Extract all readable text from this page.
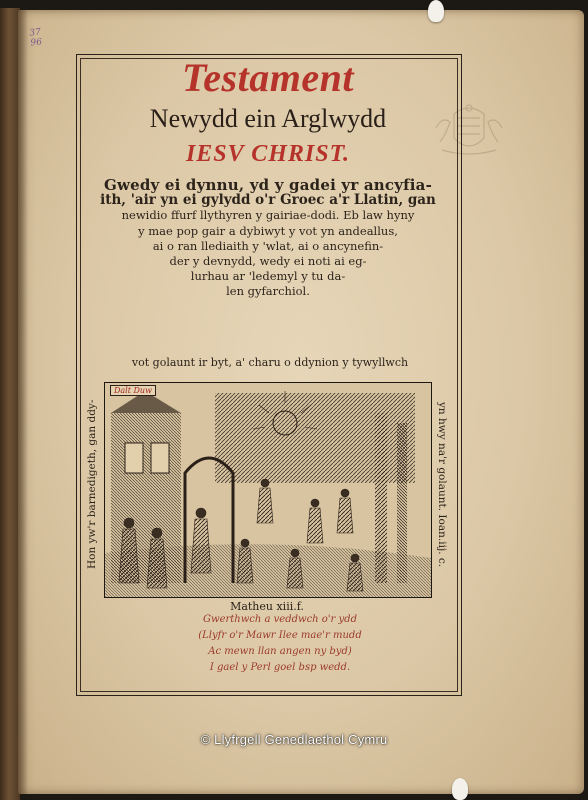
37
96
Testament
Newydd ein Arglwydd
IESV CHRIST.
Gwedy ei dynnu, yd y gadei yr ancyfia-
ith, 'air yn ei gylydd o'r Groec a'r Llatin, gan
newidio ffurf llythyren y gairiae-dodi. Eb law hyny
y mae pop gair a dybiwyt y vot yn andeallus,
ai o ran llediaith y 'wlat, ai o ancynefin-
der y devnydd, wedy ei noti ai eg-
lurhau ar 'ledemyl y tu da-
len gyfarchiol.
vot golaunt ir byt, a' charu o ddynion y tywyllwch
Hon yw'r barnedigeth, gan ddy-	yn hwy na'r golaunt. Ioan.iij. c.
Dalt Duw
Matheu xiii.f.
Gwerthwch a veddwch o'r ydd
(Llyfr o'r Mawr Ilee mae'r mudd
Ac mewn llan angen ny byd)
I gael y Perl goel bsp wedd.
© Llyfrgell Genedlaethol Cymru
